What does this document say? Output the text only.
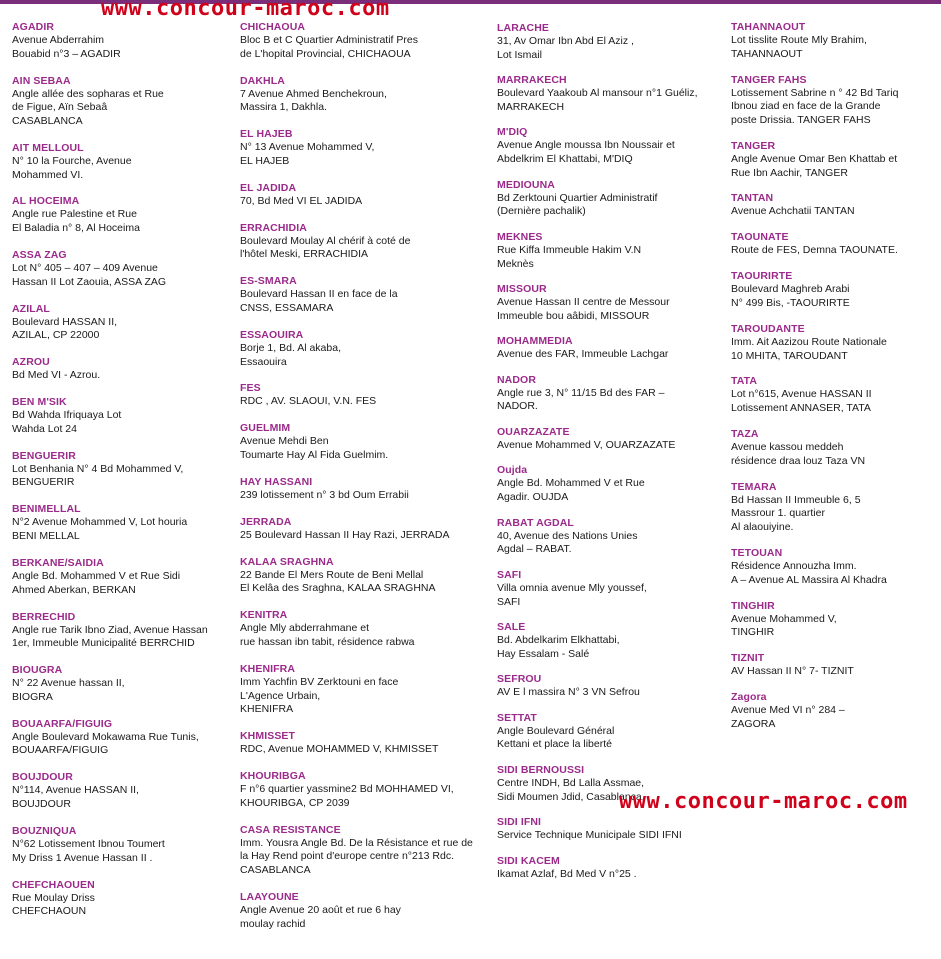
AGADIR
Avenue Abderrahim
Bouabid n°3 – AGADIR
AIN SEBAA
Angle allée des sopharas et Rue
de Figue, Aïn Sebaâ
CASABLANCA
AIT MELLOUL
N° 10 la Fourche, Avenue
Mohammed VI.
AL HOCEIMA
Angle rue Palestine et Rue
El Baladia n° 8, Al Hoceima
ASSA ZAG
Lot N° 405 – 407 – 409 Avenue
Hassan II Lot Zaouia, ASSA ZAG
AZILAL
Boulevard HASSAN II,
AZILAL, CP 22000
AZROU
Bd Med VI - Azrou.
BEN M'SIK
Bd Wahda Ifriquaya Lot
Wahda Lot 24
BENGUERIR
Lot Benhania N° 4 Bd Mohammed V,
BENGUERIR
BENIMELLAL
N°2 Avenue Mohammed V, Lot houria
BENI MELLAL
BERKANE/SAIDIA
Angle Bd. Mohammed V et Rue Sidi
Ahmed Aberkan, BERKAN
BERRECHID
Angle rue Tarik Ibno Ziad, Avenue Hassan
1er, Immeuble Municipalité BERRCHID
BIOUGRA
N° 22 Avenue hassan II,
BIOGRA
BOUAARFA/FIGUIG
Angle Boulevard Mokawama Rue Tunis,
BOUAARFA/FIGUIG
BOUJDOUR
N°114, Avenue HASSAN II,
BOUJDOUR
BOUZNIQUA
N°62 Lotissement Ibnou Toumert
My Driss 1 Avenue Hassan II .
CHEFCHAOUEN
Rue Moulay Driss
CHEFCHAOUN
CHICHAOUA
Bloc B et C Quartier Administratif Pres
de L'hopital Provincial, CHICHAOUA
DAKHLA
7 Avenue Ahmed Benchekroun,
Massira 1, Dakhla.
EL HAJEB
N° 13 Avenue Mohammed V,
EL HAJEB
EL JADIDA
70, Bd Med VI EL JADIDA
ERRACHIDIA
Boulevard Moulay Al chérif à coté de
l'hôtel Meski, ERRACHIDIA
ES-SMARA
Boulevard Hassan II en face de la
CNSS, ESSAMARA
ESSAOUIRA
Borje 1, Bd. Al akaba,
Essaouira
FES
RDC , AV. SLAOUI, V.N. FES
GUELMIM
Avenue Mehdi Ben
Toumarte Hay Al Fida Guelmim.
HAY HASSANI
239 lotissement n° 3 bd Oum Errabii
JERRADA
25 Boulevard Hassan II Hay Razi, JERRADA
KALAA SRAGHNA
22 Bande El Mers Route de Beni Mellal
El Kelâa des Sraghna, KALAA SRAGHNA
KENITRA
Angle Mly abderrahmane et
rue hassan ibn tabit, résidence rabwa
KHENIFRA
Imm Yachfin BV Zerktouni en face
L'Agence Urbain,
KHENIFRA
KHMISSET
RDC, Avenue MOHAMMED V, KHMISSET
KHOURIBGA
F n°6 quartier yassmine2 Bd MOHHAMED VI,
KHOURIBGA, CP 2039
CASA RESISTANCE
Imm. Yousra Angle Bd. De la Résistance et rue de
la Hay Rend point d'europe centre n°213 Rdc.
CASABLANCA
LAAYOUNE
Angle Avenue 20 août et rue 6 hay
moulay rachid
LARACHE
31, Av Omar Ibn Abd El Aziz ,
Lot Ismail
MARRAKECH
Boulevard Yaakoub Al mansour n°1 Guéliz,
MARRAKECH
M'DIQ
Avenue Angle moussa Ibn Noussair et
Abdelkrim El Khattabi, M'DIQ
MEDIOUNA
Bd Zerktouni Quartier Administratif
(Dernière pachalik)
MEKNES
Rue Kiffa Immeuble Hakim V.N
Meknès
MISSOUR
Avenue Hassan II centre de Messour
Immeuble bou aâbidi, MISSOUR
MOHAMMEDIA
Avenue des FAR, Immeuble Lachgar
NADOR
Angle rue 3, N° 11/15 Bd des FAR –
NADOR.
OUARZAZATE
Avenue Mohammed V, OUARZAZATE
Oujda
Angle Bd. Mohammed V et Rue
Agadir. OUJDA
RABAT AGDAL
40, Avenue des Nations Unies
Agdal – RABAT.
SAFI
Villa omnia avenue Mly youssef,
SAFI
SALE
Bd. Abdelkarim Elkhattabi,
Hay Essalam - Salé
SEFROU
AV E l massira N° 3 VN Sefrou
SETTAT
Angle Boulevard Général
Kettani et place la liberté
SIDI BERNOUSSI
Centre INDH, Bd Lalla Assmae,
Sidi Moumen Jdid, Casablanca.
SIDI IFNI
Service Technique Municipale SIDI IFNI
SIDI KACEM
Ikamat Azlaf, Bd Med V n°25 .
TAHANNAOUT
Lot tisslite Route Mly Brahim,
TAHANNAOUT
TANGER FAHS
Lotissement Sabrine n ° 42 Bd Tariq
Ibnou ziad en face de la Grande
poste Drissia. TANGER FAHS
TANGER
Angle Avenue Omar Ben Khattab et
Rue Ibn Aachir, TANGER
TANTAN
Avenue Achchatii TANTAN
TAOUNATE
Route de FES, Demna TAOUNATE.
TAOURIRTE
Boulevard Maghreb Arabi
N° 499 Bis, -TAOURIRTE
TAROUDANTE
Imm. Ait Aazizou Route Nationale
10 MHITA, TAROUDANT
TATA
Lot n°615, Avenue HASSAN II
Lotissement ANNASER, TATA
TAZA
Avenue kassou meddeh
résidence draa louz Taza VN
TEMARA
Bd Hassan II Immeuble 6, 5
Massrour 1. quartier
Al alaouiyine.
TETOUAN
Résidence Annouzha Imm.
A – Avenue AL Massira Al Khadra
TINGHIR
Avenue Mohammed V,
TINGHIR
TIZNIT
AV Hassan II N° 7- TIZNIT
Zagora
Avenue Med VI n° 284 –
ZAGORA
www.concour-maroc.com
www.concour-maroc.com
